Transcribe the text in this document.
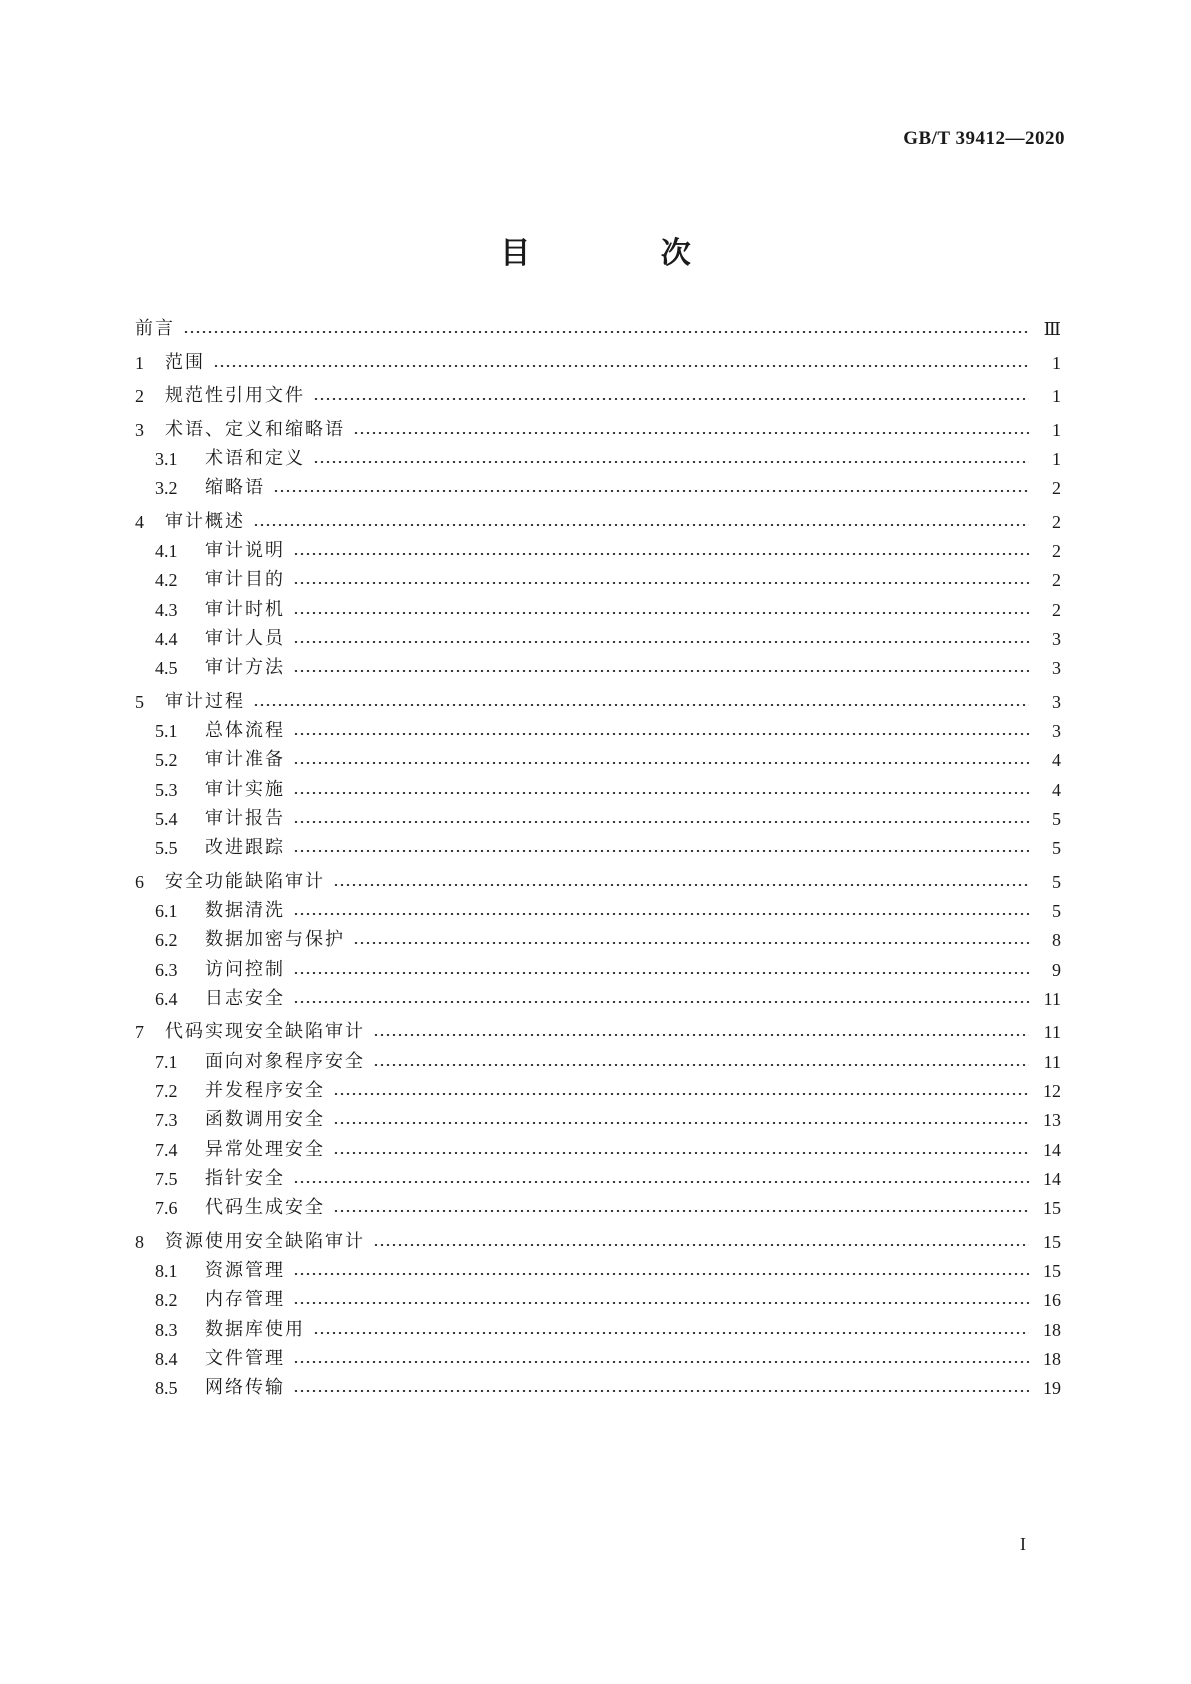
GB/T 39412—2020
目 次
前言	Ⅲ
1	范围	1
2	规范性引用文件	1
3	术语、定义和缩略语	1
3.1	术语和定义	1
3.2	缩略语	2
4	审计概述	2
4.1	审计说明	2
4.2	审计目的	2
4.3	审计时机	2
4.4	审计人员	3
4.5	审计方法	3
5	审计过程	3
5.1	总体流程	3
5.2	审计准备	4
5.3	审计实施	4
5.4	审计报告	5
5.5	改进跟踪	5
6	安全功能缺陷审计	5
6.1	数据清洗	5
6.2	数据加密与保护	8
6.3	访问控制	9
6.4	日志安全	11
7	代码实现安全缺陷审计	11
7.1	面向对象程序安全	11
7.2	并发程序安全	12
7.3	函数调用安全	13
7.4	异常处理安全	14
7.5	指针安全	14
7.6	代码生成安全	15
8	资源使用安全缺陷审计	15
8.1	资源管理	15
8.2	内存管理	16
8.3	数据库使用	18
8.4	文件管理	18
8.5	网络传输	19
I
